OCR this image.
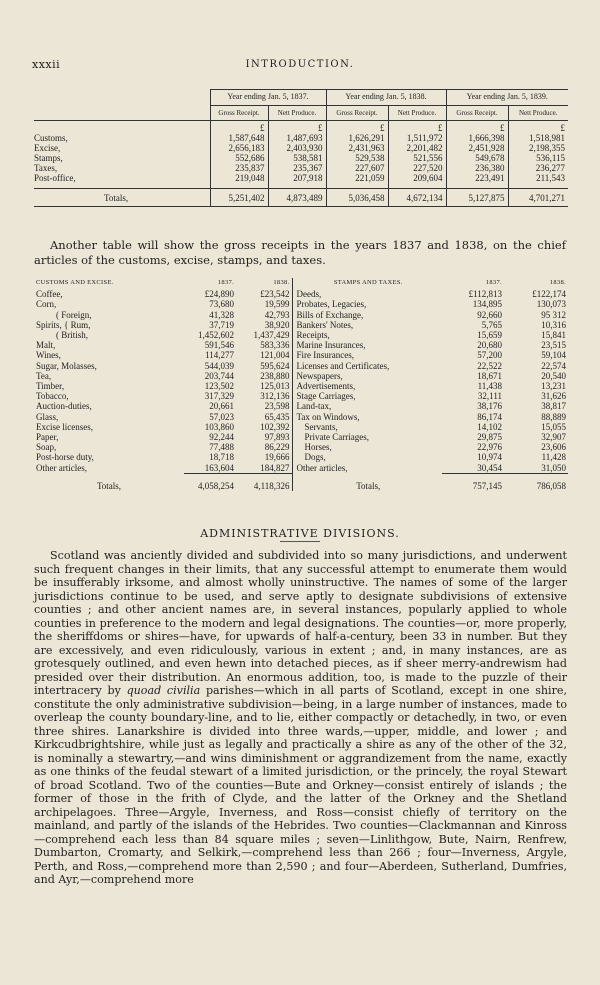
xxxii	INTRODUCTION.
	Year ending Jan. 5, 1837.		Year ending Jan. 5, 1838.		Year ending Jan. 5, 1839.	
	Gross Receipt.	Nett Produce.	Gross Receipt.	Nett Produce.	Gross Receipt.	Nett Produce.
	£	£	£	£	£	£
Customs,	1,587,648	1,487,693	1,626,291	1,511,972	1,666,398	1,518,981
Excise,	2,656,183	2,403,930	2,431,963	2,201,482	2,451,928	2,198,355
Stamps,	552,686	538,581	529,538	521,556	549,678	536,115
Taxes,	235,837	235,367	227,607	227,520	236,380	236,277
Post-office,	219,048	207,918	221,059	209,604	223,491	211,543
Totals,	5,251,402	4,873,489	5,036,458	4,672,134	5,127,875	4,701,271

Another table will show the gross receipts in the years 1837 and 1838, on the chief articles of the customs, excise, stamps, and taxes.

CUSTOMS AND EXCISE.	1837.	1838.	STAMPS AND TAXES.	1837.	1838.
Coffee,	£24,890	£23,542	Deeds,	£112,813	£122,174
Corn,	73,680	19,599	Probates, Legacies,	134,895	130,073
( Foreign,	41,328	42,793	Bills of Exchange,	92,660	95 312
Spirits, { Rum,	37,719	38,920	Bankers' Notes,	5,765	10,316
( British,	1,452,602	1,437,429	Receipts,	15,659	15,841
Malt,	591,546	583,336	Marine Insurances,	20,680	23,515
Wines,	114,277	121,004	Fire Insurances,	57,200	59,104
Sugar, Molasses,	544,039	595,624	Licenses and Certificates,	22,522	22,574
Tea,	203,744	238,880	Newspapers,	18,671	20,540
Timber,	123,502	125,013	Advertisements,	11,438	13,231
Tobacco,	317,329	312,136	Stage Carriages,	32,111	31,626
Auction-duties,	20,661	23,598	Land-tax,	38,176	38,817
Glass,	57,023	65,435	Tax on Windows,	86,174	88,889
Excise licenses,	103,860	102,392	Servants,	14,102	15,055
Paper,	92,244	97,893	Private Carriages,	29,875	32,907
Soap,	77,488	86,229	Horses,	22,976	23,606
Post-horse duty,	18,718	19,666	Dogs,	10,974	11,428
Other articles,	163,604	184,827	Other articles,	30,454	31,050
Totals,	4,058,254	4,118,326	Totals,	757,145	786,058
ADMINISTRATIVE DIVISIONS.

Scotland was anciently divided and subdivided into so many jurisdictions, and underwent such frequent changes in their limits, that any successful attempt to enumerate them would be insufferably irksome, and almost wholly uninstructive. The names of some of the larger jurisdictions continue to be used, and serve aptly to designate subdivisions of extensive counties ; and other ancient names are, in several instances, popularly applied to whole counties in preference to the modern and legal designations. The counties—or, more properly, the sheriffdoms or shires—have, for upwards of half-a-century, been 33 in number. But they are excessively, and even ridiculously, various in extent ; and, in many instances, are as grotesquely outlined, and even hewn into detached pieces, as if sheer merry-andrewism had presided over their distribution. An enormous addition, too, is made to the puzzle of their intertracery by quoad civilia parishes—which in all parts of Scotland, except in one shire, constitute the only administrative subdivision—being, in a large number of instances, made to overleap the county boundary-line, and to lie, either compactly or detachedly, in two, or even three shires. Lanarkshire is divided into three wards,—upper, middle, and lower ; and Kirkcudbrightshire, while just as legally and practically a shire as any of the other of the 32, is nominally a stewartry,—and wins diminishment or aggrandizement from the name, exactly as one thinks of the feudal stewart of a limited jurisdiction, or the princely, the royal Stewart of broad Scotland. Two of the counties—Bute and Orkney—consist entirely of islands ; the former of those in the frith of Clyde, and the latter of the Orkney and the Shetland archipelagoes. Three—Argyle, Inverness, and Ross—consist chiefly of territory on the mainland, and partly of the islands of the Hebrides. Two counties—Clackmannan and Kinross—comprehend each less than 84 square miles ; seven—Linlithgow, Bute, Nairn, Renfrew, Dumbarton, Cromarty, and Selkirk,—comprehend less than 266 ; four—Inverness, Argyle, Perth, and Ross,—comprehend more than 2,590 ; and four—Aberdeen, Sutherland, Dumfries, and Ayr,—comprehend more
